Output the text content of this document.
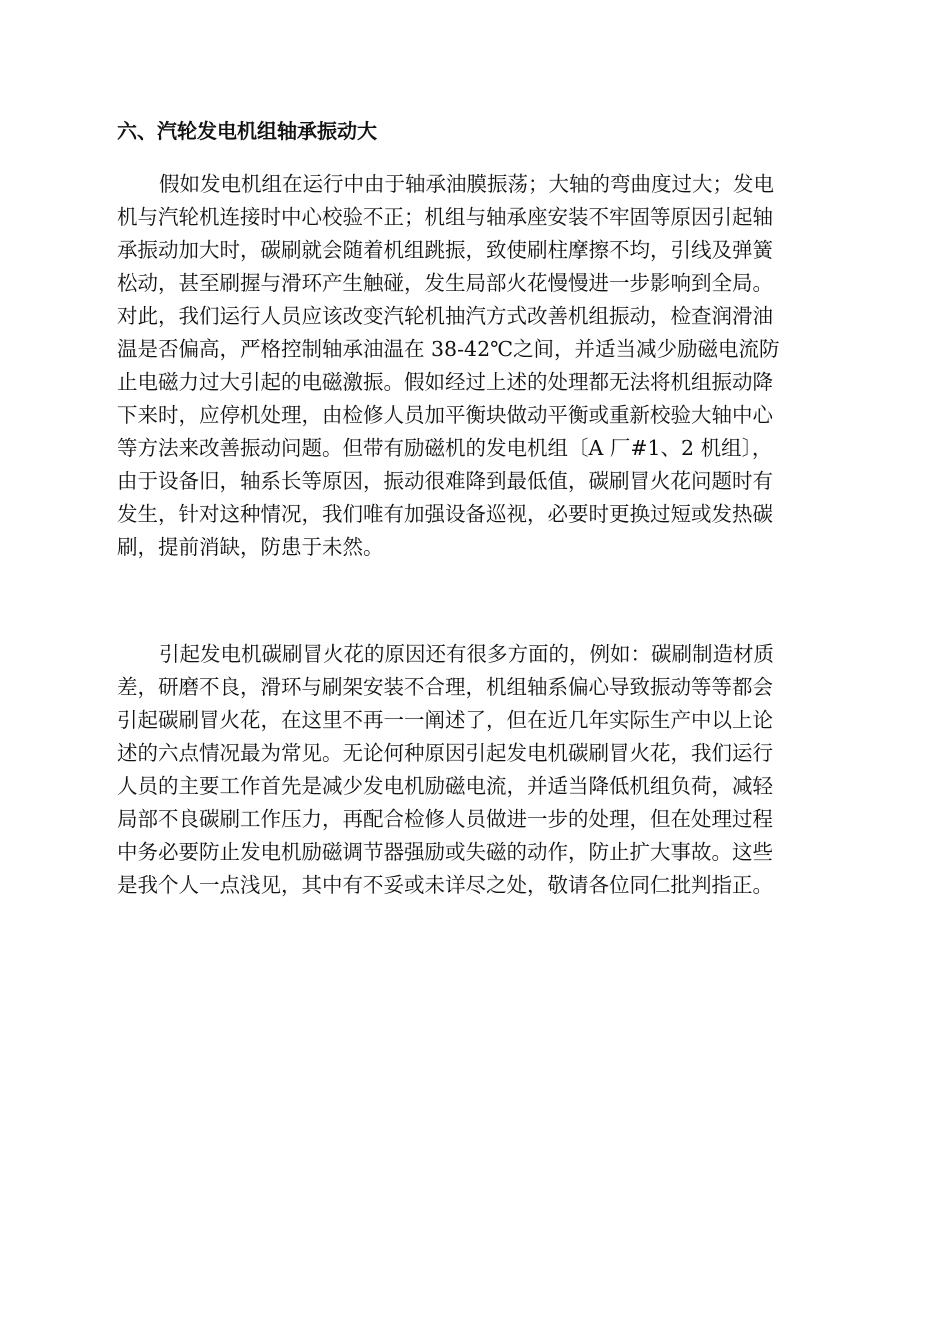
六、汽轮发电机组轴承振动大
假如发电机组在运行中由于轴承油膜振荡；大轴的弯曲度过大；发电
机与汽轮机连接时中心校验不正；机组与轴承座安装不牢固等原因引起轴
承振动加大时，碳刷就会随着机组跳振，致使刷柱摩擦不均，引线及弹簧
松动，甚至刷握与滑环产生触碰，发生局部火花慢慢进一步影响到全局。
对此，我们运行人员应该改变汽轮机抽汽方式改善机组振动，检查润滑油
温是否偏高，严格控制轴承油温在 38-42℃之间，并适当减少励磁电流防
止电磁力过大引起的电磁激振。假如经过上述的处理都无法将机组振动降
下来时，应停机处理，由检修人员加平衡块做动平衡或重新校验大轴中心
等方法来改善振动问题。但带有励磁机的发电机组〔A 厂#1、2 机组〕，
由于设备旧，轴系长等原因，振动很难降到最低值，碳刷冒火花问题时有
发生，针对这种情况，我们唯有加强设备巡视，必要时更换过短或发热碳
刷，提前消缺，防患于未然。
引起发电机碳刷冒火花的原因还有很多方面的，例如：碳刷制造材质
差，研磨不良，滑环与刷架安装不合理，机组轴系偏心导致振动等等都会
引起碳刷冒火花，在这里不再一一阐述了，但在近几年实际生产中以上论
述的六点情况最为常见。无论何种原因引起发电机碳刷冒火花，我们运行
人员的主要工作首先是减少发电机励磁电流，并适当降低机组负荷，减轻
局部不良碳刷工作压力，再配合检修人员做进一步的处理，但在处理过程
中务必要防止发电机励磁调节器强励或失磁的动作，防止扩大事故。这些
是我个人一点浅见，其中有不妥或未详尽之处，敬请各位同仁批判指正。
